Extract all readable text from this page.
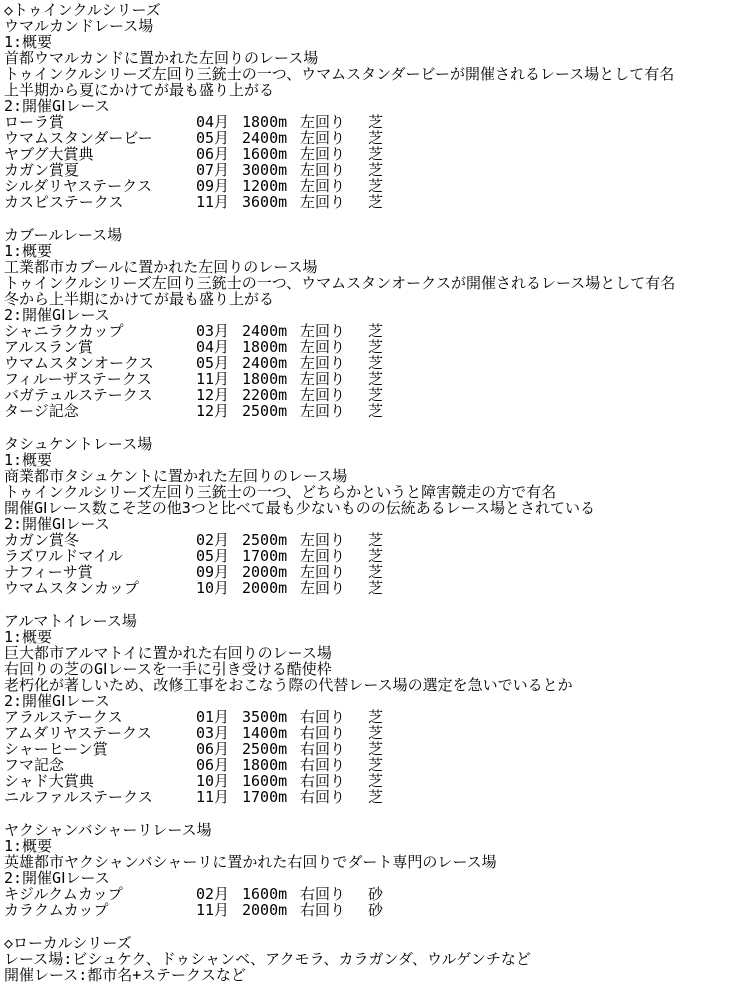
◇トゥインクルシリーズ
ウマルカンドレース場
1:概要
首都ウマルカンドに置かれた左回りのレース場
トゥインクルシリーズ左回り三銃士の一つ、ウマムスタンダービーが開催されるレース場として有名
上半期から夏にかけてが最も盛り上がる
2:開催GⅠレース
ローラ賞	04月 1800m 左回り 芝
ウマムスタンダービー	05月 2400m 左回り 芝
ヤブグ大賞典	06月 1600m 左回り 芝
カガン賞夏	07月 3000m 左回り 芝
シルダリヤステークス	09月 1200m 左回り 芝
カスピステークス	11月 3600m 左回り 芝
カブールレース場
1:概要
工業都市カブールに置かれた左回りのレース場
トゥインクルシリーズ左回り三銃士の一つ、ウマムスタンオークスが開催されるレース場として有名
冬から上半期にかけてが最も盛り上がる
2:開催GⅠレース
シャニラクカップ	03月 2400m 左回り 芝
アルスラン賞	04月 1800m 左回り 芝
ウマムスタンオークス	05月 2400m 左回り 芝
フィルーザステークス	11月 1800m 左回り 芝
バガテュルステークス	12月 2200m 左回り 芝
タージ記念	12月 2500m 左回り 芝
タシュケントレース場
1:概要
商業都市タシュケントに置かれた左回りのレース場
トゥインクルシリーズ左回り三銃士の一つ、どちらかというと障害競走の方で有名
開催GⅠレース数こそ芝の他3つと比べて最も少ないものの伝統あるレース場とされている
2:開催GⅠレース
カガン賞冬	02月 2500m 左回り 芝
ラズワルドマイル	05月 1700m 左回り 芝
ナフィーサ賞	09月 2000m 左回り 芝
ウマムスタンカップ	10月 2000m 左回り 芝
アルマトイレース場
1:概要
巨大都市アルマトイに置かれた右回りのレース場
右回りの芝のGⅠレースを一手に引き受ける酷使枠
老朽化が著しいため、改修工事をおこなう際の代替レース場の選定を急いでいるとか
2:開催GⅠレース
アラルステークス	01月 3500m 右回り 芝
アムダリヤステークス	03月 1400m 右回り 芝
シャーヒーン賞	06月 2500m 右回り 芝
フマ記念	06月 1800m 右回り 芝
シャド大賞典	10月 1600m 右回り 芝
ニルファルステークス	11月 1700m 右回り 芝
ヤクシャンバシャーリレース場
1:概要
英雄都市ヤクシャンバシャーリに置かれた右回りでダート専門のレース場
2:開催GⅠレース
キジルクムカップ	02月 1600m 右回り 砂
カラクムカップ	11月 2000m 右回り 砂
◇ローカルシリーズ
レース場:ビシュケク、ドゥシャンベ、アクモラ、カラガンダ、ウルゲンチなど
開催レース:都市名+ステークスなど
